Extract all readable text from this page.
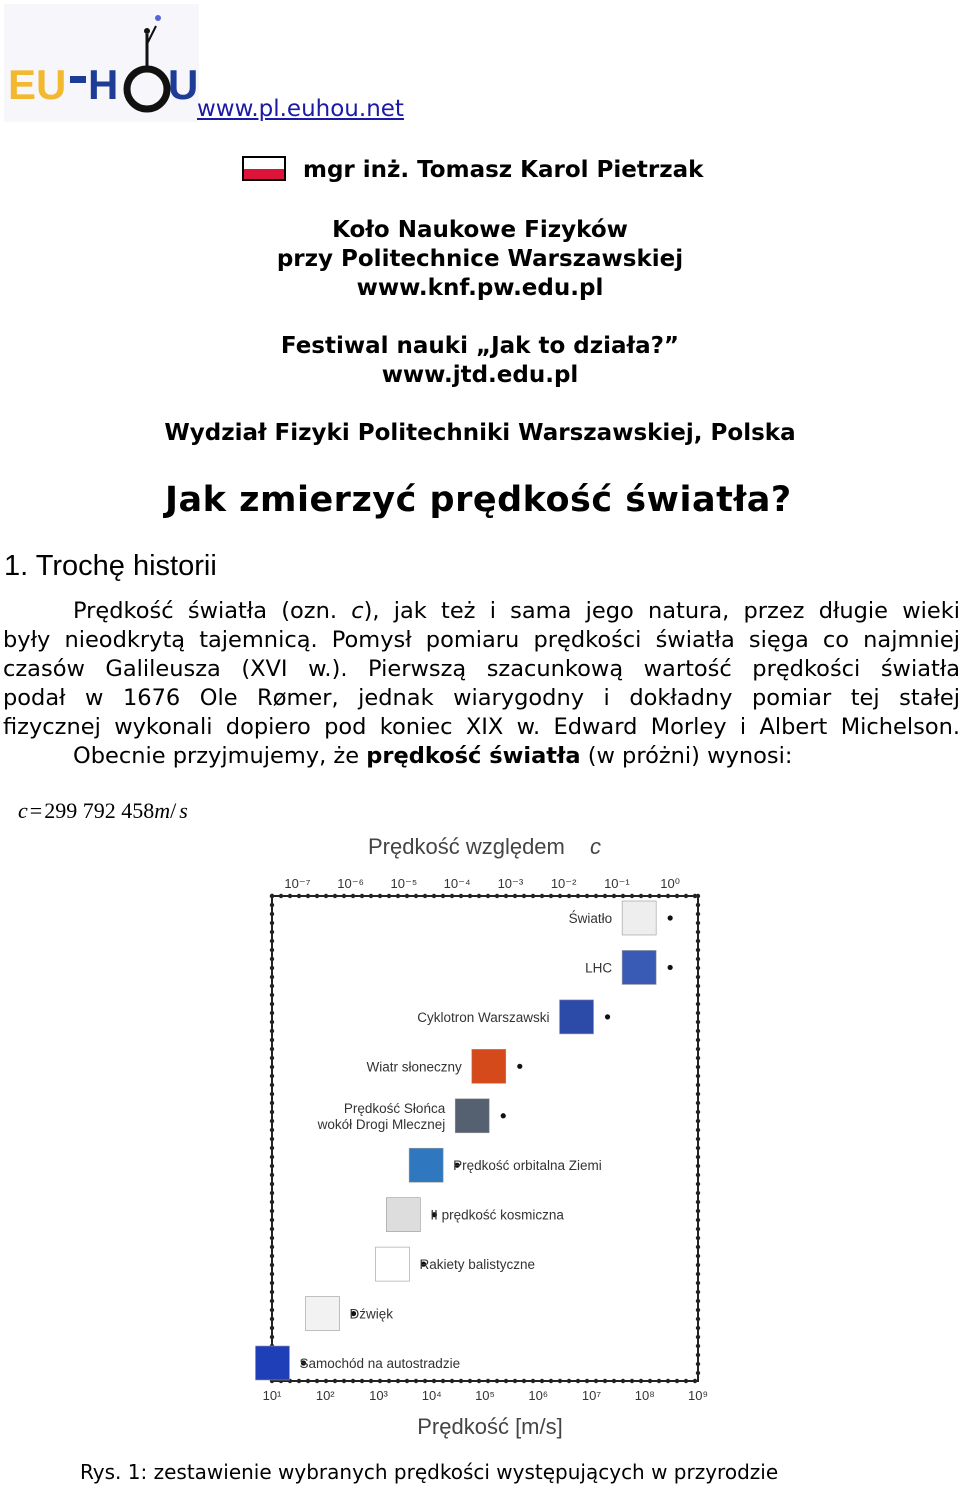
EU H U
www.pl.euhou.net
mgr inż. Tomasz Karol Pietrzak
Koło Naukowe Fizyków
przy Politechnice Warszawskiej
www.knf.pw.edu.pl
Festiwal nauki „Jak to działa?”
www.jtd.edu.pl
Wydział Fizyki Politechniki Warszawskiej, Polska
Jak zmierzyć prędkość światła?
1. Trochę historii

Prędkość światła (ozn. c), jak też i sama jego natura, przez długie wieki

były nieodkrytą tajemnicą. Pomysł pomiaru prędkości światła sięga co najmniej

czasów Galileusza (XVI w.). Pierwszą szacunkową wartość prędkości światła

podał w 1676 Ole Rømer, jednak wiarygodny i dokładny pomiar tej stałej

fizycznej wykonali dopiero pod koniec XIX w. Edward Morley i Albert Michelson.

Obecnie przyjmujemy, że prędkość światła (w próżni) wynosi:

c=299 792 458m/ s
Prędkość względem c
Prędkość [m/s]
10¹	10²	10³	10⁴	10⁵	10⁶	10⁷	10⁸	10⁹
10⁻⁷ 10⁻⁶ 10⁻⁵ 10⁻⁴ 10⁻³ 10⁻² 10⁻¹ 10⁰
Światło
LHC
Cyklotron Warszawski
Wiatr słoneczny
Prędkość Słońca
wokół Drogi Mlecznej
Prędkość orbitalna Ziemi
II prędkość kosmiczna
Rakiety balistyczne
Dźwięk
Samochód na autostradzie
Rys. 1: zestawienie wybranych prędkości występujących w przyrodzie
